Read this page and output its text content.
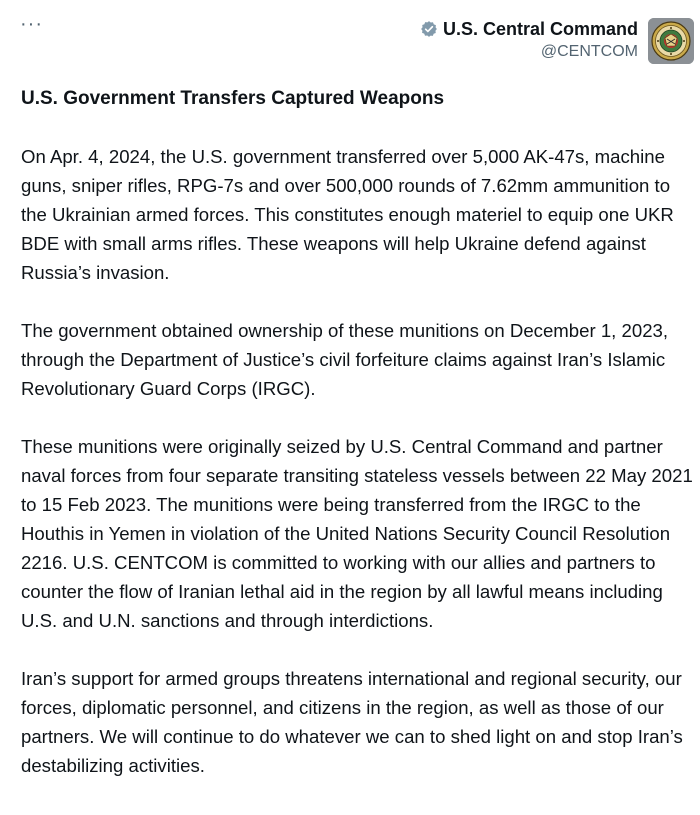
···	U.S. Central Command
@CENTCOM
U.S. Government Transfers Captured Weapons

On Apr. 4, 2024, the U.S. government transferred over 5,000 AK-47s, machine guns, sniper rifles, RPG-7s and over 500,000 rounds of 7.62mm ammunition to the Ukrainian armed forces. This constitutes enough materiel to equip one UKR BDE with small arms rifles. These weapons will help Ukraine defend against Russia’s invasion.

The government obtained ownership of these munitions on December 1, 2023, through the Department of Justice’s civil forfeiture claims against Iran’s Islamic Revolutionary Guard Corps (IRGC).

These munitions were originally seized by U.S. Central Command and partner naval forces from four separate transiting stateless vessels between 22 May 2021 to 15 Feb 2023. The munitions were being transferred from the IRGC to the Houthis in Yemen in violation of the United Nations Security Council Resolution 2216. U.S. CENTCOM is committed to working with our allies and partners to counter the flow of Iranian lethal aid in the region by all lawful means including U.S. and U.N. sanctions and through interdictions.

Iran’s support for armed groups threatens international and regional security, our forces, diplomatic personnel, and citizens in the region, as well as those of our partners. We will continue to do whatever we can to shed light on and stop Iran’s destabilizing activities.
